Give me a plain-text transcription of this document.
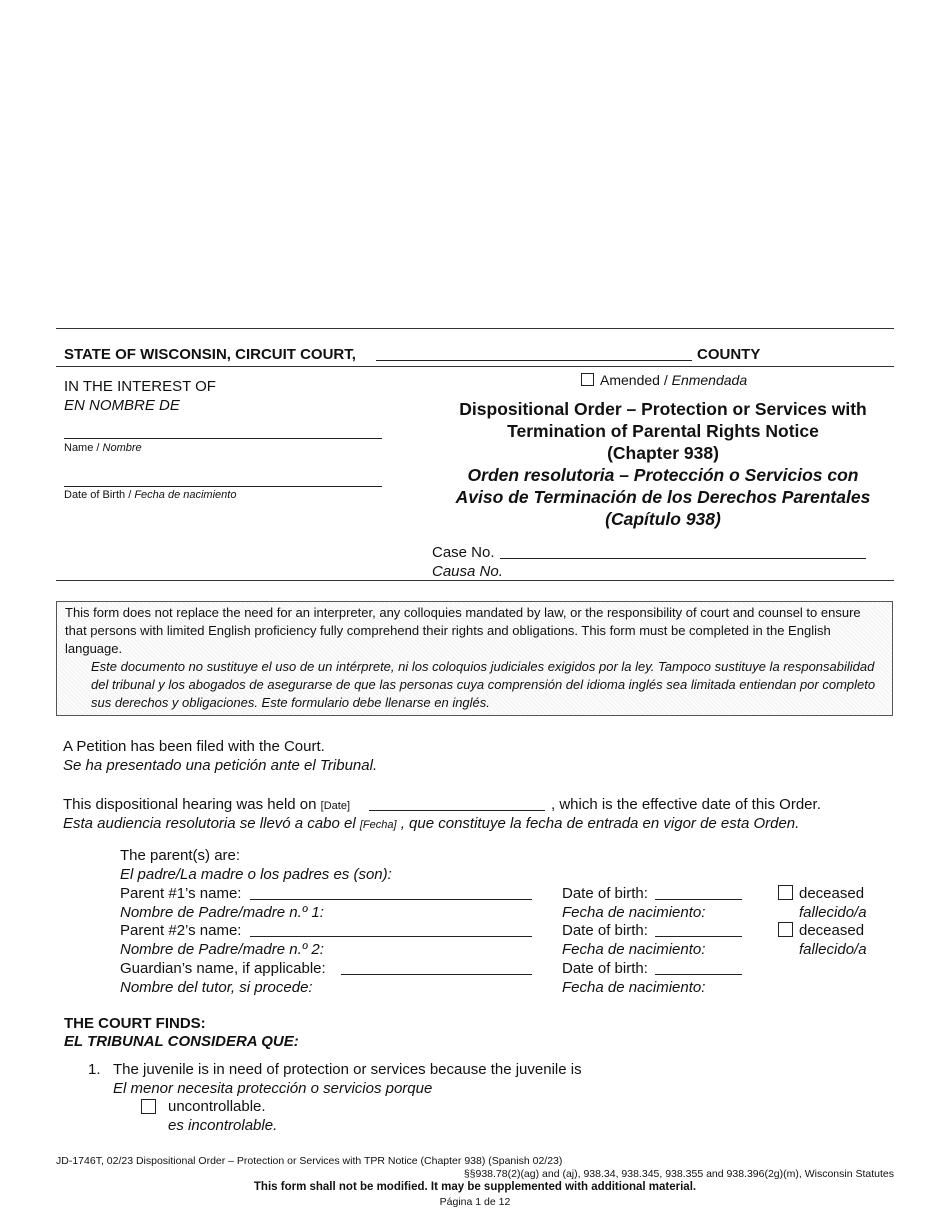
STATE OF WISCONSIN, CIRCUIT COURT,	COUNTY
IN THE INTEREST OF
EN NOMBRE DE
Name / Nombre
Date of Birth / Fecha de nacimiento
Amended / Enmendada
Dispositional Order – Protection or Services with
Termination of Parental Rights Notice
(Chapter 938)
Orden resolutoria – Protección o Servicios con
Aviso de Terminación de los Derechos Parentales
(Capítulo 938)
Case No.
Causa No.
This form does not replace the need for an interpreter, any colloquies mandated by law, or the responsibility of court and counsel to ensure that persons with limited English proficiency fully comprehend their rights and obligations. This form must be completed in the English language.
Este documento no sustituye el uso de un intérprete, ni los coloquios judiciales exigidos por la ley. Tampoco sustituye la responsabilidad del tribunal y los abogados de asegurarse de que las personas cuya comprensión del idioma inglés sea limitada entiendan por completo sus derechos y obligaciones. Este formulario debe llenarse en inglés.
A Petition has been filed with the Court.
Se ha presentado una petición ante el Tribunal.
This dispositional hearing was held on [Date]	, which is the effective date of this Order.
Esta audiencia resolutoria se llevó a cabo el [Fecha] , que constituye la fecha de entrada en vigor de esta Orden.
The parent(s) are:
El padre/La madre o los padres es (son):
Parent #1’s name:
Nombre de Padre/madre n.º 1:
Parent #2’s name:
Nombre de Padre/madre n.º 2:
Guardian’s name, if applicable:
Nombre del tutor, si procede:
Date of birth:
Fecha de nacimiento:
Date of birth:
Fecha de nacimiento:
Date of birth:
Fecha de nacimiento:
deceased
fallecido/a
deceased
fallecido/a
THE COURT FINDS:
EL TRIBUNAL CONSIDERA QUE:
1. The juvenile is in need of protection or services because the juvenile is
El menor necesita protección o servicios porque
uncontrollable.
es incontrolable.
JD-1746T, 02/23 Dispositional Order – Protection or Services with TPR Notice (Chapter 938) (Spanish 02/23)
§§938.78(2)(ag) and (aj), 938.34, 938.345, 938.355 and 938.396(2g)(m), Wisconsin Statutes
This form shall not be modified. It may be supplemented with additional material.
Página 1 de 12
